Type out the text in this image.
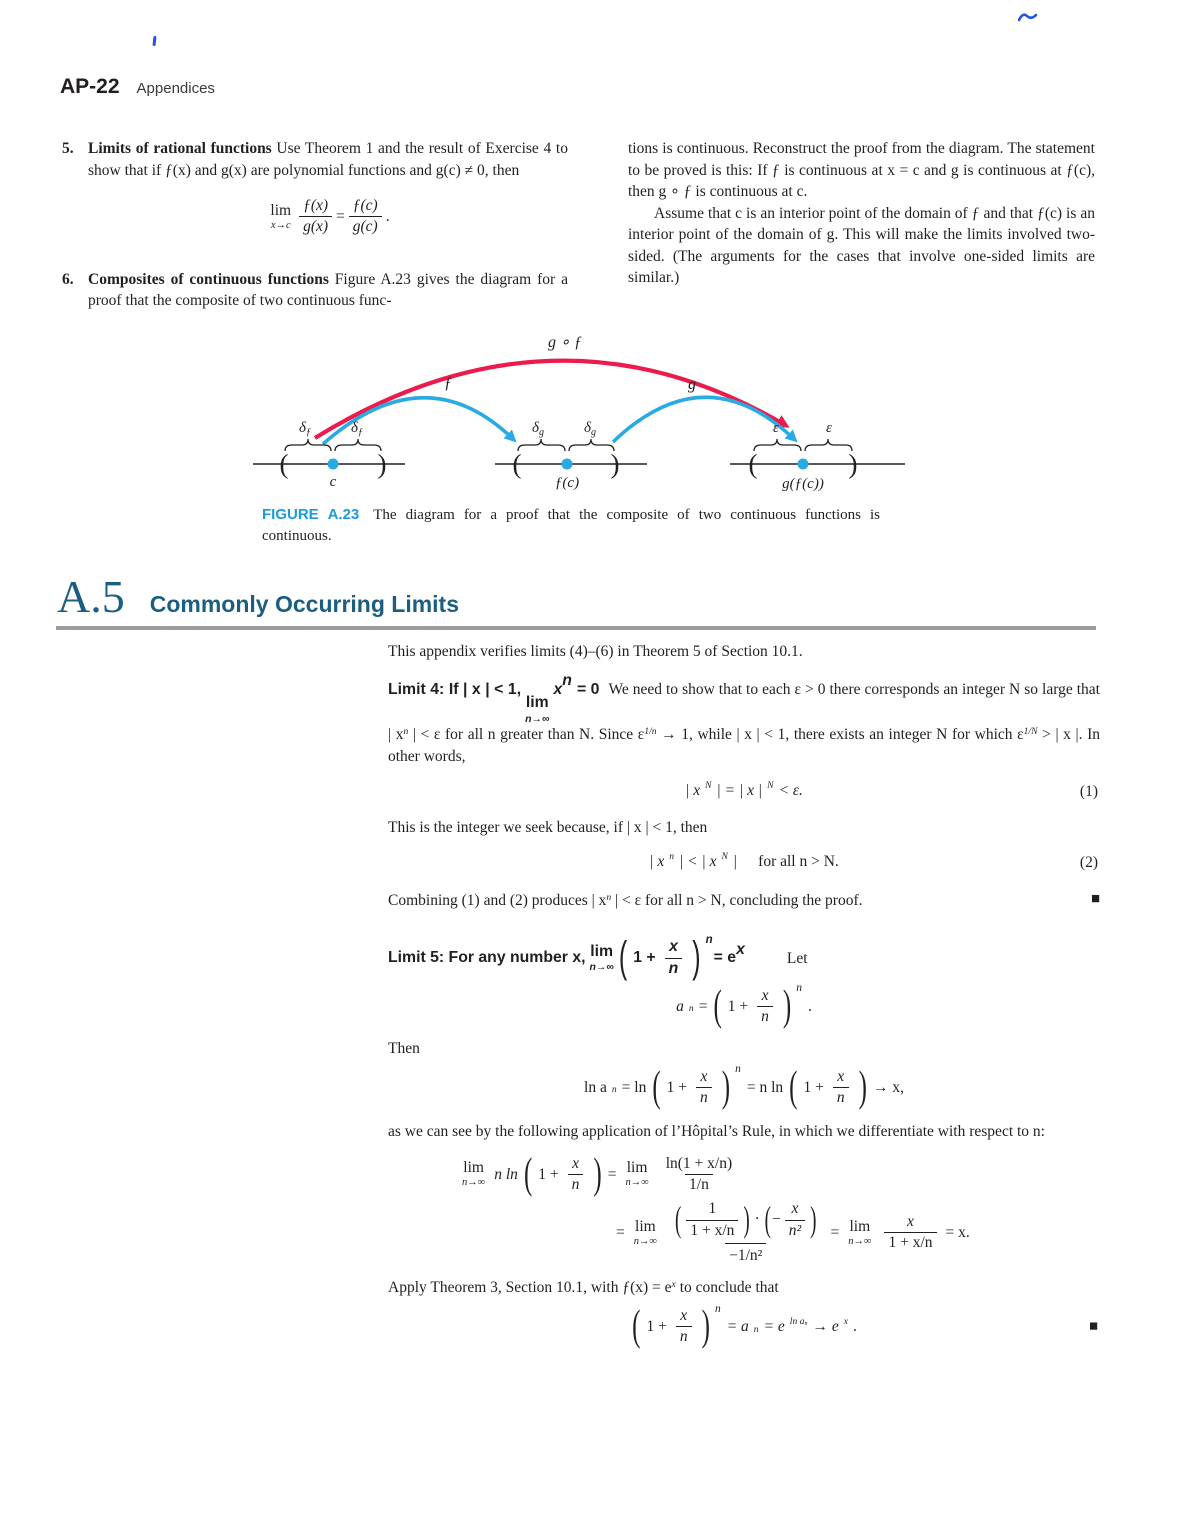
AP-22 Appendices
5. Limits of rational functions Use Theorem 1 and the result of Exercise 4 to show that if ƒ(x) and g(x) are polynomial functions and g(c) ≠ 0, then
lim
$x\to c \frac{ƒ(x)}{g(x)} = \frac{ƒ(c)}{g(c)}$ .
6. Composites of continuous functions Figure A.23 gives the diagram for a proof that the composite of two continuous func-

tions is continuous. Reconstruct the proof from the diagram. The statement to be proved is this: If ƒ is continuous at x = c and g is continuous at ƒ(c), then g ∘ ƒ is continuous at c.

Assume that c is an interior point of the domain of ƒ and that ƒ(c) is an interior point of the domain of g. This will make the limits involved two-sided. (The arguments for the cases that involve one-sided limits are similar.)

ƒ	g
g ∘ ƒ
(	)
$\delta_ƒ$	$\delta_ƒ$
c
(	)
$\delta_g$	$\delta_g$
ƒ(c)
(	)
ε	ε
g(ƒ(c))
FIGURE A.23 The diagram for a proof that the composite of two continuous functions is continuous.
A.5 Commonly Occurring Limits
This appendix verifies limits (4)–(6) in Theorem 5 of Section 10.1.

Limit 4: If | x | < 1,
lim
n→∞
xn= 0 We need to show that to each ε > 0 there corresponds an integer N so large that | $x^n$ | < ε for all n greater than N. Since $\varepsilon^{1/n} \to 1$, while | x | < 1, there exists an integer N for which $\varepsilon^{1/N}$ > | x |. In other words,

| x N | = | x | N < ε.	(1)

This is the integer we seek because, if | x | < 1, then

| x n | < | x N | for all n > N.	(2)
Combining (1) and (2) produces | $x^n$ | < ε for all n > N, concluding the proof.	■
Limit 5: For any number x, lim
n→∞ ( $1 + \frac{x}{n}$ ) n
= e
x
Let
a n = ( $1 + \frac{x}{n}$ ) n
.

Then

ln a n = ln ( $1 + \frac{x}{n}$ ) n
= n ln ( $1 + \frac{x}{n}$ ) → x,

as we can see by the following application of l’Hôpital’s Rule, in which we differentiate with respect to n:

lim
n→∞
n ln ( $1 + \frac{x}{n}$ ) = lim
$n\to\infty \frac{\ln(1 + x/n)}{1/n}$
= lim
$n\to\infty \frac{( \frac{1}{1 + x/n} ) \cdot (- \frac{x}{\text{n²}} )}{\text{−1/n²}} = \lim$
$n\to\infty \frac{x}{1 + x/n} = x$.

Apply Theorem 3, Section 10.1, with ƒ(x) = $e^x$ to conclude that

( $1 + \frac{x}{n}$ ) n
= a n = e ln an → e x .	■
